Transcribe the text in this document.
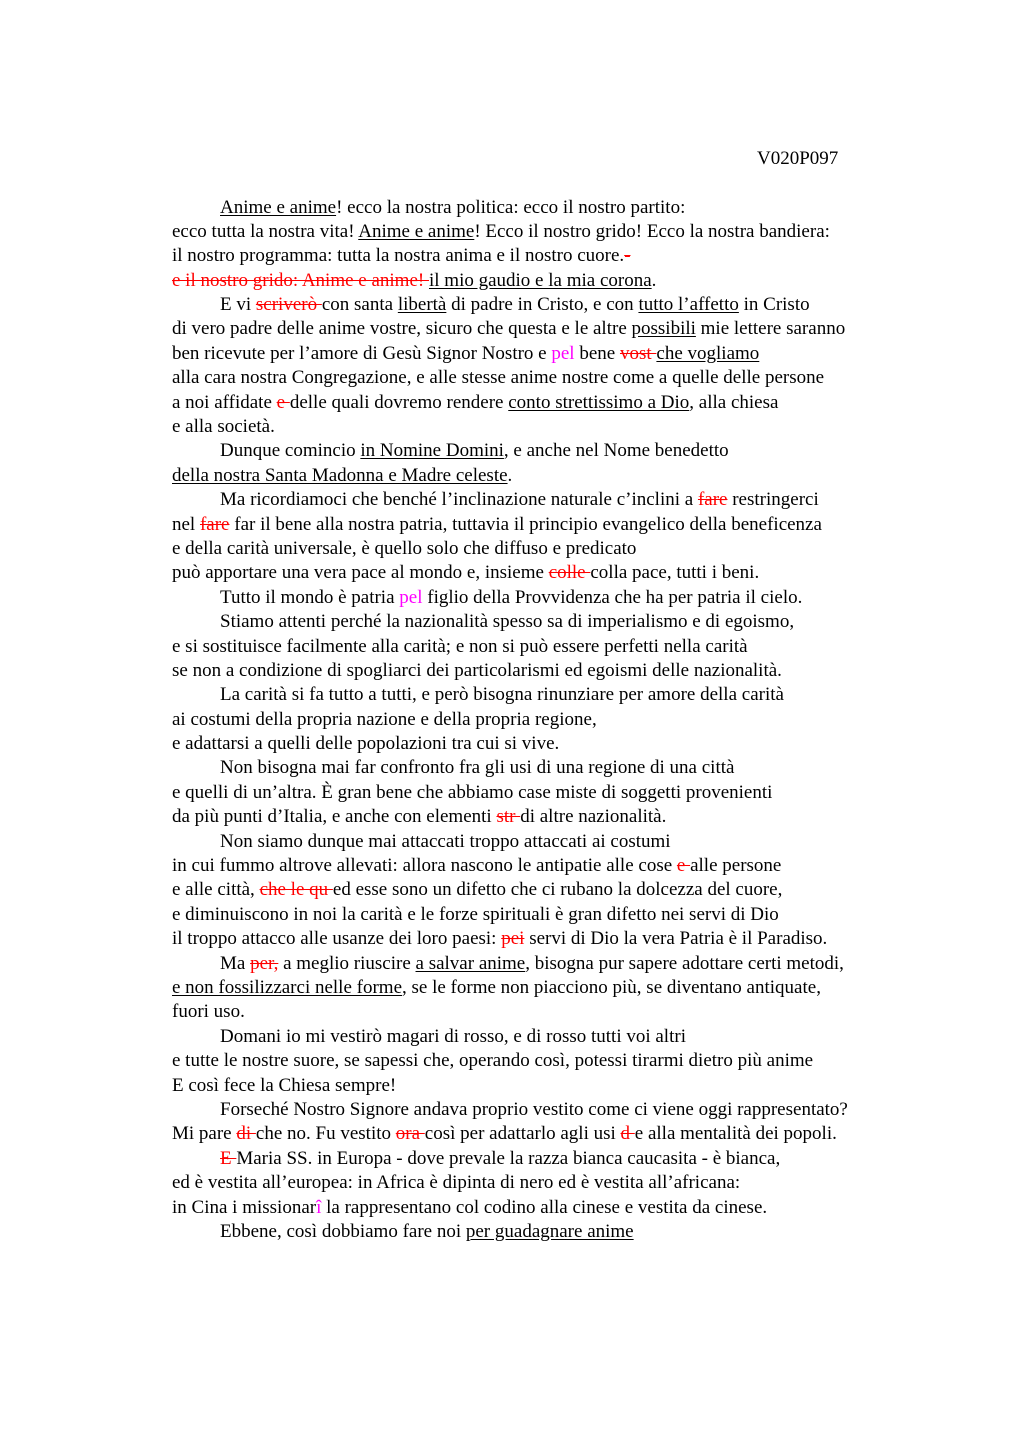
V020P097
Anime e anime! ecco la nostra politica: ecco il nostro partito:
ecco tutta la nostra vita! Anime e anime! Ecco il nostro grido! Ecco la nostra bandiera:
il nostro programma: tutta la nostra anima e il nostro cuore.-
e il nostro grido: Anime e anime! il mio gaudio e la mia corona.
E vi scriverò con santa libertà di padre in Cristo, e con tutto l’affetto in Cristo
di vero padre delle anime vostre, sicuro che questa e le altre possibili mie lettere saranno
ben ricevute per l’amore di Gesù Signor Nostro e pel bene vost che vogliamo
alla cara nostra Congregazione, e alle stesse anime nostre come a quelle delle persone
a noi affidate e delle quali dovremo rendere conto strettissimo a Dio, alla chiesa
e alla società.
Dunque comincio in Nomine Domini, e anche nel Nome benedetto
della nostra Santa Madonna e Madre celeste.
Ma ricordiamoci che benché l’inclinazione naturale c’inclini a fare restringerci
nel fare far il bene alla nostra patria, tuttavia il principio evangelico della beneficenza
e della carità universale, è quello solo che diffuso e predicato
può apportare una vera pace al mondo e, insieme colle colla pace, tutti i beni.
Tutto il mondo è patria pel figlio della Provvidenza che ha per patria il cielo.
Stiamo attenti perché la nazionalità spesso sa di imperialismo e di egoismo,
e si sostituisce facilmente alla carità; e non si può essere perfetti nella carità
se non a condizione di spogliarci dei particolarismi ed egoismi delle nazionalità.
La carità si fa tutto a tutti, e però bisogna rinunziare per amore della carità
ai costumi della propria nazione e della propria regione,
e adattarsi a quelli delle popolazioni tra cui si vive.
Non bisogna mai far confronto fra gli usi di una regione di una città
e quelli di un’altra. È gran bene che abbiamo case miste di soggetti provenienti
da più punti d’Italia, e anche con elementi str di altre nazionalità.
Non siamo dunque mai attaccati troppo attaccati ai costumi
in cui fummo altrove allevati: allora nascono le antipatie alle cose e alle persone
e alle città, che le qu ed esse sono un difetto che ci rubano la dolcezza del cuore,
e diminuiscono in noi la carità e le forze spirituali è gran difetto nei servi di Dio
il troppo attacco alle usanze dei loro paesi: pei servi di Dio la vera Patria è il Paradiso.
Ma per, a meglio riuscire a salvar anime, bisogna pur sapere adottare certi metodi,
e non fossilizzarci nelle forme, se le forme non piacciono più, se diventano antiquate,
fuori uso.
Domani io mi vestirò magari di rosso, e di rosso tutti voi altri
e tutte le nostre suore, se sapessi che, operando così, potessi tirarmi dietro più anime
E così fece la Chiesa sempre!
Forseché Nostro Signore andava proprio vestito come ci viene oggi rappresentato?
Mi pare di che no. Fu vestito ora così per adattarlo agli usi d e alla mentalità dei popoli.
E Maria SS. in Europa - dove prevale la razza bianca caucasita - è bianca,
ed è vestita all’europea: in Africa è dipinta di nero ed è vestita all’africana:
in Cina i missionarî la rappresentano col codino alla cinese e vestita da cinese.
Ebbene, così dobbiamo fare noi per guadagnare anime
